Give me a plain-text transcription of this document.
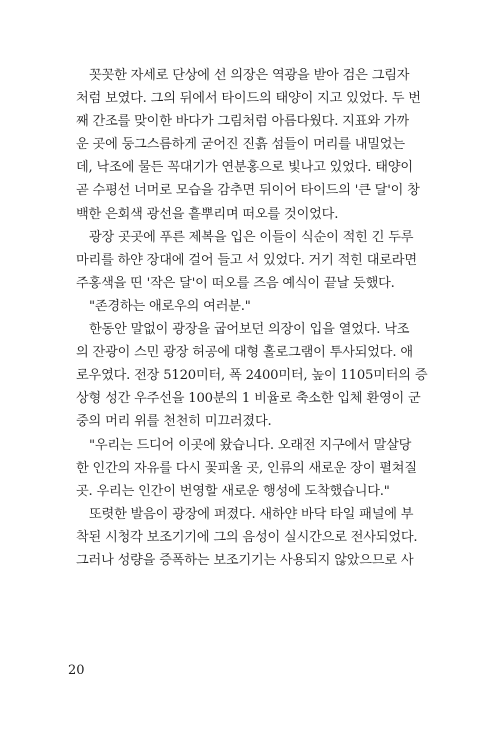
꼿꼿한 자세로 단상에 선 의장은 역광을 받아 검은 그림자
처럼 보였다. 그의 뒤에서 타이드의 태양이 지고 있었다. 두 번
째 간조를 맞이한 바다가 그림처럼 아름다웠다. 지표와 가까
운 곳에 둥그스름하게 굳어진 진흙 섬들이 머리를 내밀었는
데, 낙조에 물든 꼭대기가 연분홍으로 빛나고 있었다. 태양이
곧 수평선 너머로 모습을 감추면 뒤이어 타이드의 '큰 달'이 창
백한 은회색 광선을 흩뿌리며 떠오를 것이었다.
광장 곳곳에 푸른 제복을 입은 이들이 식순이 적힌 긴 두루
마리를 하얀 장대에 걸어 들고 서 있었다. 거기 적힌 대로라면
주홍색을 띤 '작은 달'이 떠오를 즈음 예식이 끝날 듯했다.
"존경하는 애로우의 여러분."
한동안 말없이 광장을 굽어보던 의장이 입을 열었다. 낙조
의 잔광이 스민 광장 허공에 대형 홀로그램이 투사되었다. 애
로우였다. 전장 5120미터, 폭 2400미터, 높이 1105미터의 증
상형 성간 우주선을 100분의 1 비율로 축소한 입체 환영이 군
중의 머리 위를 천천히 미끄러졌다.
"우리는 드디어 이곳에 왔습니다. 오래전 지구에서 말살당
한 인간의 자유를 다시 꽃피울 곳, 인류의 새로운 장이 펼쳐질
곳. 우리는 인간이 번영할 새로운 행성에 도착했습니다."
또렷한 발음이 광장에 퍼졌다. 새하얀 바닥 타일 패널에 부
착된 시청각 보조기기에 그의 음성이 실시간으로 전사되었다.
그러나 성량을 증폭하는 보조기기는 사용되지 않았으므로 사
20
